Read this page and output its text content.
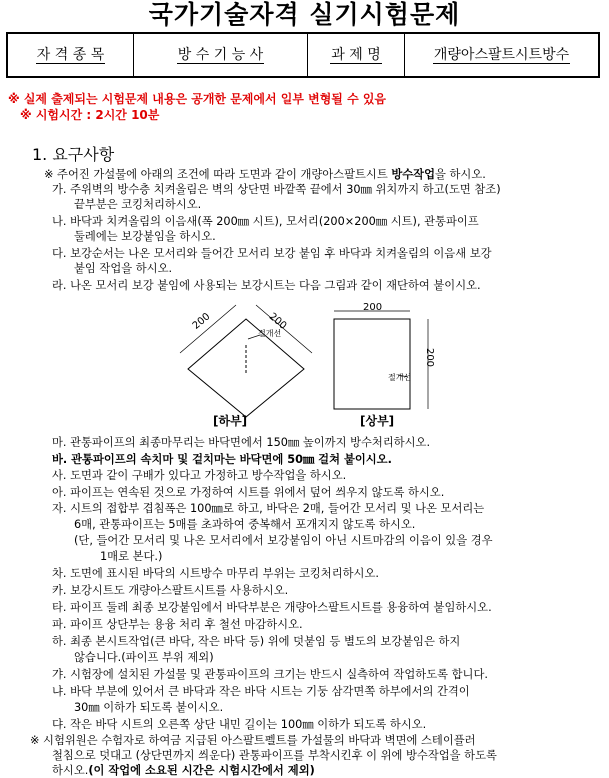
국가기술자격 실기시험문제
자 격 종 목	방 수 기 능 사	과 제 명	개량아스팔트시트방수
※ 실제 출제되는 시험문제 내용은 공개한 문제에서 일부 변형될 수 있음
※ 시험시간 : 2시간 10분
1. 요구사항
※ 주어진 가설물에 아래의 조건에 따라 도면과 같이 개량아스팔트시트 방수작업을 하시오.
가. 주위벽의 방수층 치켜올림은 벽의 상단면 바깥쪽 끝에서 30㎜ 위치까지 하고(도면 참조)
끝부분은 코킹처리하시오.
나. 바닥과 치켜올림의 이음새(폭 200㎜ 시트), 모서리(200×200㎜ 시트), 관통파이프
둘레에는 보강붙임을 하시오.
다. 보강순서는 나온 모서리와 들어간 모서리 보강 붙임 후 바닥과 치켜올림의 이음새 보강
붙임 작업을 하시오.
라. 나온 모서리 보강 붙임에 사용되는 보강시트는 다음 그림과 같이 재단하여 붙이시오.
200	200
절개선
200
200
절개선
[하부]	[상부]
마. 관통파이프의 최종마무리는 바닥면에서 150㎜ 높이까지 방수처리하시오.
바. 관통파이프의 속치마 및 겉치마는 바닥면에 50㎜ 걸쳐 붙이시오.
사. 도면과 같이 구배가 있다고 가정하고 방수작업을 하시오.
아. 파이프는 연속된 것으로 가정하여 시트를 위에서 덮어 씌우지 않도록 하시오.
자. 시트의 접합부 겹침폭은 100㎜로 하고, 바닥은 2매, 들어간 모서리 및 나온 모서리는
6매, 관통파이프는 5매를 초과하여 중복해서 포개지지 않도록 하시오.
(단, 들어간 모서리 및 나온 모서리에서 보강붙임이 아닌 시트마감의 이음이 있을 경우
1매로 본다.)
차. 도면에 표시된 바닥의 시트방수 마무리 부위는 코킹처리하시오.
카. 보강시트도 개량아스팔트시트를 사용하시오.
타. 파이프 둘레 최종 보강붙임에서 바닥부분은 개량아스팔트시트를 용융하여 붙임하시오.
파. 파이프 상단부는 용융 처리 후 철선 마감하시오.
하. 최종 본시트작업(큰 바닥, 작은 바닥 등) 위에 덧붙임 등 별도의 보강붙임은 하지
않습니다.(파이프 부위 제외)
갸. 시험장에 설치된 가설물 및 관통파이프의 크기는 반드시 실측하여 작업하도록 합니다.
냐. 바닥 부분에 있어서 큰 바닥과 작은 바닥 시트는 기둥 삼각면쪽 하부에서의 간격이
30㎜ 이하가 되도록 붙이시오.
댜. 작은 바닥 시트의 오른쪽 상단 내민 길이는 100㎜ 이하가 되도록 하시오.
※ 시험위원은 수험자로 하여금 지급된 아스팔트펠트를 가설물의 바닥과 벽면에 스테이플러
철침으로 덧대고 (상단면까지 씌운다) 관통파이프를 부착시킨후 이 위에 방수작업을 하도록
하시오.(이 작업에 소요된 시간은 시험시간에서 제외)
